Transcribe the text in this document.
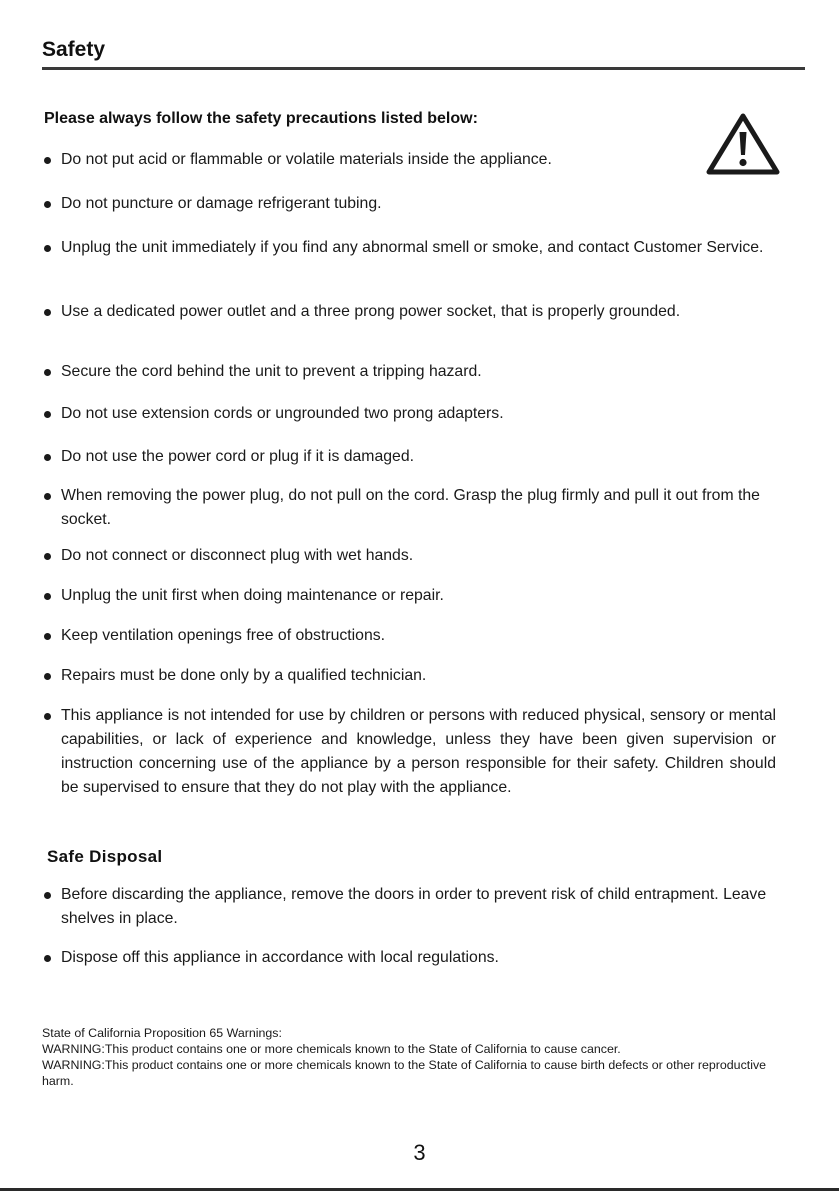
Safety

Please always follow the safety precautions listed below:

Do not put acid or flammable or volatile materials inside the appliance.
Do not puncture or damage refrigerant tubing.
Unplug the unit immediately if you find any abnormal smell or smoke, and contact Customer Service.
Use a dedicated power outlet and a three prong power socket, that is properly grounded.
Secure the cord behind the unit to prevent a tripping hazard.
Do not use extension cords or ungrounded two prong adapters.
Do not use the power cord or plug if it is damaged.
When removing the power plug, do not pull on the cord. Grasp the plug firmly and pull it out from the socket.
Do not connect or disconnect plug with wet hands.
Unplug the unit first when doing maintenance or repair.
Keep ventilation openings free of obstructions.
Repairs must be done only by a qualified technician.
This appliance is not intended for use by children or persons with reduced physical, sensory or mental capabilities, or lack of experience and knowledge, unless they have been given supervision or instruction concerning use of the appliance by a person responsible for their safety. Children should be supervised to ensure that they do not play with the appliance.
Safe Disposal
Before discarding the appliance, remove the doors in order to prevent risk of child entrapment. Leave shelves in place.
Dispose off this appliance in accordance with local regulations.

State of California Proposition 65 Warnings:

WARNING:This product contains one or more chemicals known to the State of California to cause cancer.

WARNING:This product contains one or more chemicals known to the State of California to cause birth defects or other reproductive harm.

3
